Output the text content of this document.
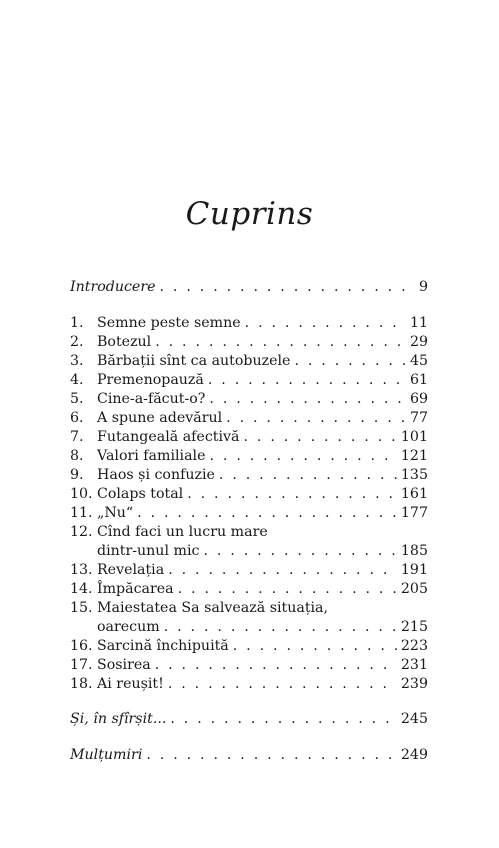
Cuprins
Introducere . . .	9
1. Semne peste semne . . .	11
2. Botezul . . .	29
3. Bărbații sînt ca autobuzele . . .	45
4. Premenopauză . . .	61
5. Cine-a-făcut-o? . . .	69
6. A spune adevărul . . .	77
7. Futangeală afectivă . . .	101
8. Valori familiale . . .	121
9. Haos și confuzie . . .	135
10. Colaps total . . .	161
11. „Nu“ . . .	177
12. Cînd faci un lucru mare
dintr-unul mic . . .	185
13. Revelația . . .	191
14. Împăcarea . . .	205
15. Maiestatea Sa salvează situația,
oarecum . . .	215
16. Sarcină închipuită . . .	223
17. Sosirea . . .	231
18. Ai reușit! . . .	239
Și, în sfîrșit... . . .	245
Mulțumiri . . .	249
